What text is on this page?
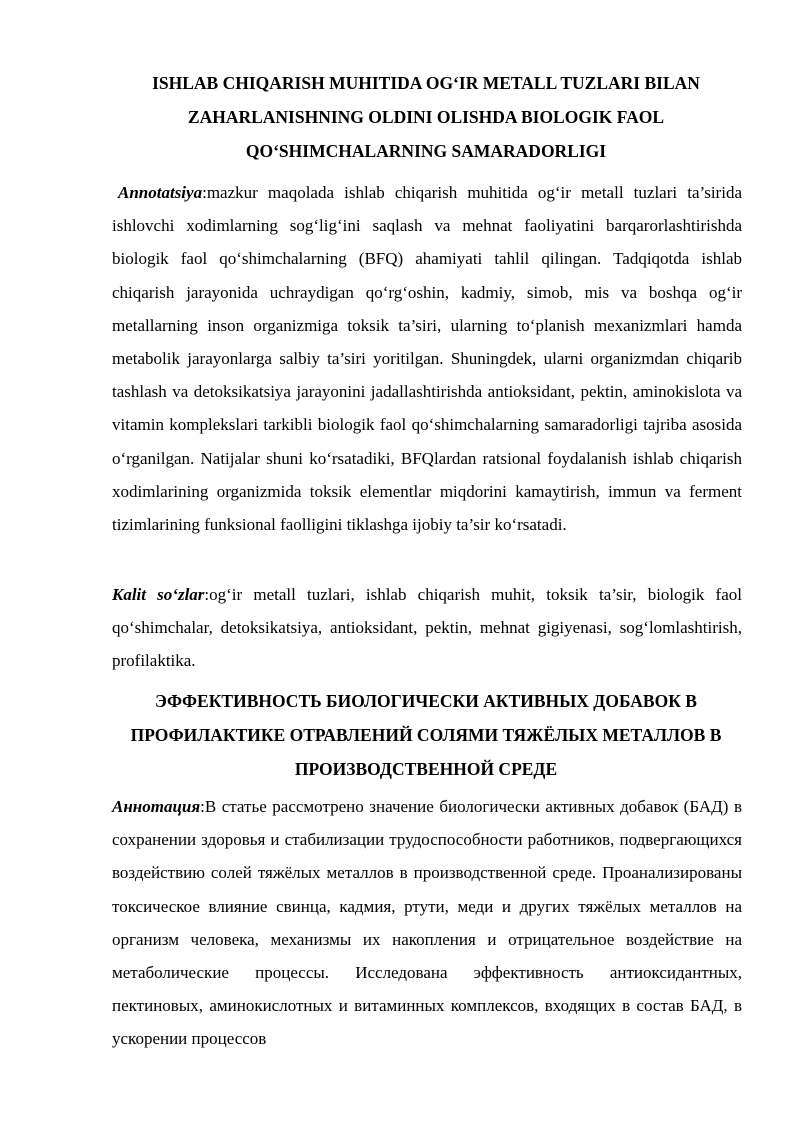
ISHLAB CHIQARISH MUHITIDA OG‘IR METALL TUZLARI BILAN ZAHARLANISHNING OLDINI OLISHDA BIOLOGIK FAOL QO‘SHIMCHALARNING SAMARADORLIGI

Annotatsiya:mazkur maqolada ishlab chiqarish muhitida og‘ir metall tuzlari ta’sirida ishlovchi xodimlarning sog‘lig‘ini saqlash va mehnat faoliyatini barqarorlashtirishda biologik faol qo‘shimchalarning (BFQ) ahamiyati tahlil qilingan. Tadqiqotda ishlab chiqarish jarayonida uchraydigan qo‘rg‘oshin, kadmiy, simob, mis va boshqa og‘ir metallarning inson organizmiga toksik ta’siri, ularning to‘planish mexanizmlari hamda metabolik jarayonlarga salbiy ta’siri yoritilgan. Shuningdek, ularni organizmdan chiqarib tashlash va detoksikatsiya jarayonini jadallashtirishda antioksidant, pektin, aminokislota va vitamin komplekslari tarkibli biologik faol qo‘shimchalarning samaradorligi tajriba asosida o‘rganilgan. Natijalar shuni ko‘rsatadiki, BFQlardan ratsional foydalanish ishlab chiqarish xodimlarining organizmida toksik elementlar miqdorini kamaytirish, immun va ferment tizimlarining funksional faolligini tiklashga ijobiy ta’sir ko‘rsatadi.

Kalit so‘zlar:og‘ir metall tuzlari, ishlab chiqarish muhit, toksik ta’sir, biologik faol qo‘shimchalar, detoksikatsiya, antioksidant, pektin, mehnat gigiyenasi, sog‘lomlashtirish, profilaktika.

ЭФФЕКТИВНОСТЬ БИОЛОГИЧЕСКИ АКТИВНЫХ ДОБАВОК В ПРОФИЛАКТИКЕ ОТРАВЛЕНИЙ СОЛЯМИ ТЯЖЁЛЫХ МЕТАЛЛОВ В ПРОИЗВОДСТВЕННОЙ СРЕДЕ

Аннотация:В статье рассмотрено значение биологически активных добавок (БАД) в сохранении здоровья и стабилизации трудоспособности работников, подвергающихся воздействию солей тяжёлых металлов в производственной среде. Проанализированы токсическое влияние свинца, кадмия, ртути, меди и других тяжёлых металлов на организм человека, механизмы их накопления и отрицательное воздействие на метаболические процессы. Исследована эффективность антиоксидантных, пектиновых, аминокислотных и витаминных комплексов, входящих в состав БАД, в ускорении процессов
